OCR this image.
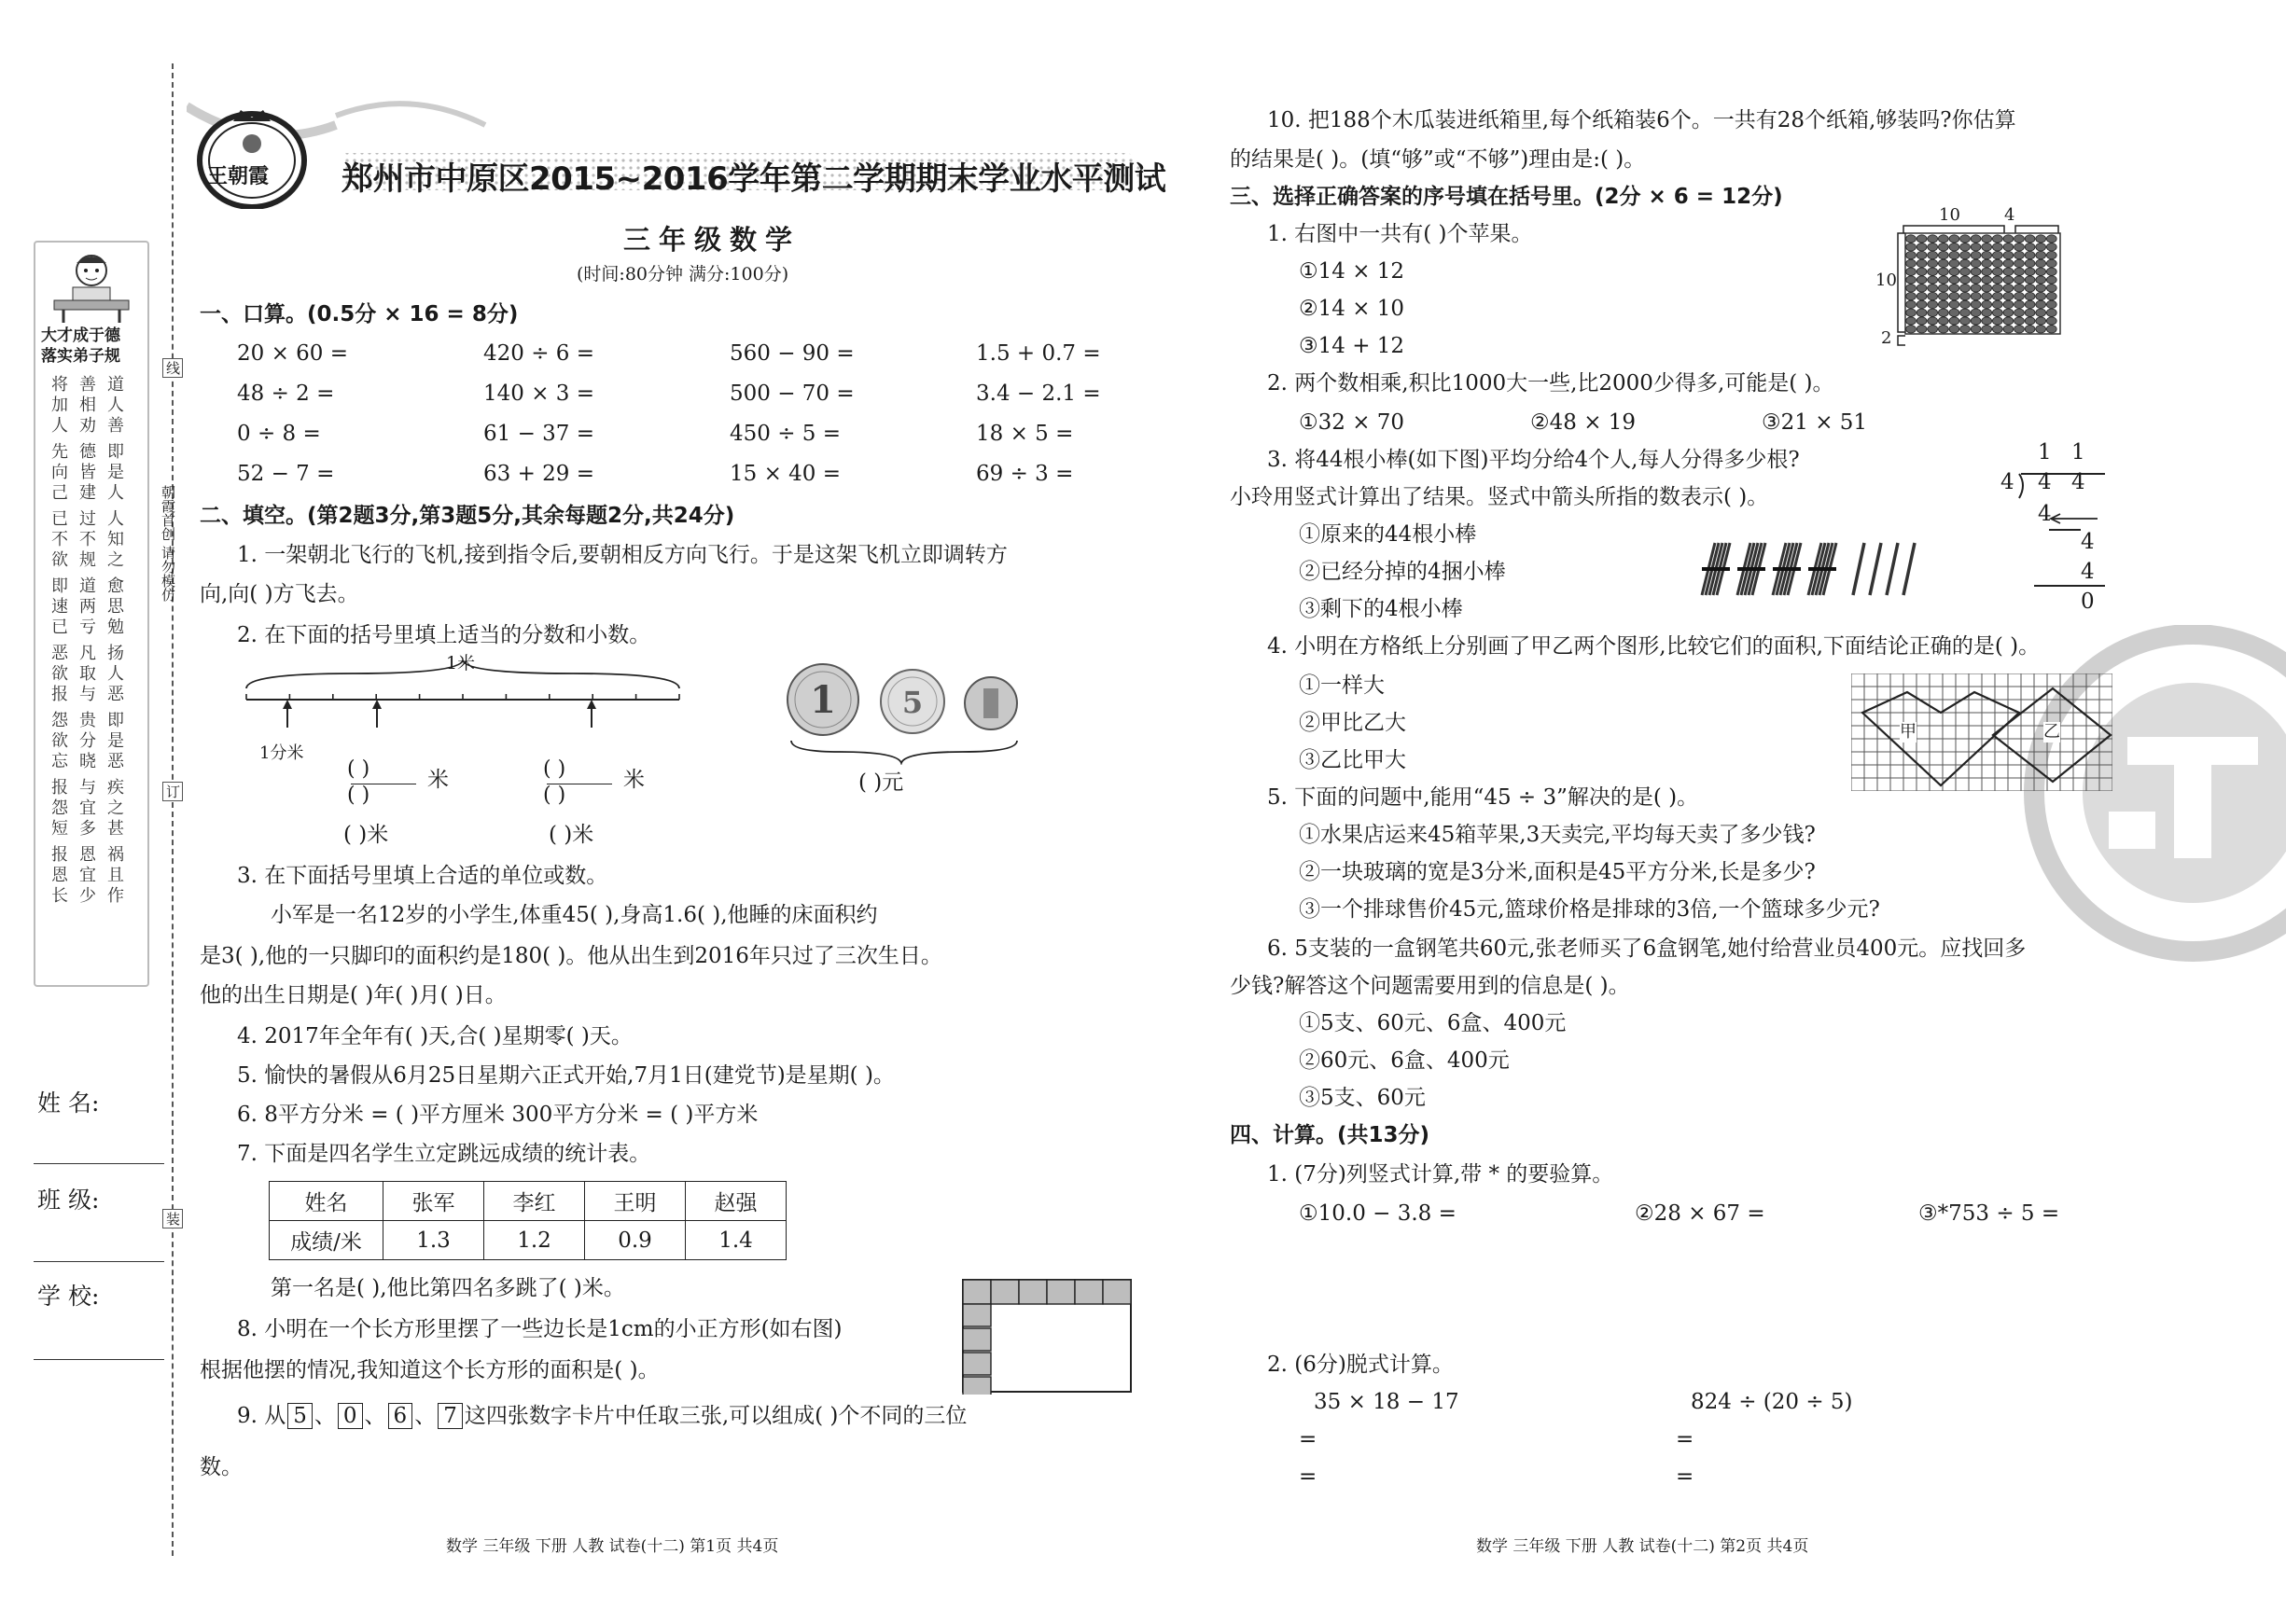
大才成于德
落实弟子规
将善道
加相人
人劝善
先德即
向皆是
己建人
已过人
不不知
欲规之
即道愈
速两思
已亏勉
恶凡扬
欲取人
报与恶
怨贵即
欲分是
忘晓恶
报与疾
怨宜之
短多甚
报恩祸
恩宜且
长少作
姓 名:
班 级:
学 校:
线
朝霞首创 请勿模仿
订
装
王朝霞 郑州市中原区2015~2016学年第二学期期末学业水平测试
三年级数学
(时间:80分钟 满分:100分)
一、口算。(0.5分 × 16 = 8分)
20 × 60 =	420 ÷ 6 =	560 − 90 =	1.5 + 0.7 =
48 ÷ 2 =	140 × 3 =	500 − 70 =	3.4 − 2.1 =
0 ÷ 8 =	61 − 37 =	450 ÷ 5 =	18 × 5 =
52 − 7 =	63 + 29 =	15 × 40 =	69 ÷ 3 =
二、填空。(第2题3分,第3题5分,其余每题2分,共24分)
1. 一架朝北飞行的飞机,接到指令后,要朝相反方向飞行。于是这架飞机立即调转方
向,向( )方飞去。
2. 在下面的括号里填上适当的分数和小数。
1米
1分米
( )
( )
米	( )
( )
米
( )米	( )米
1 5
( )元
3. 在下面括号里填上合适的单位或数。
小军是一名12岁的小学生,体重45( ),身高1.6( ),他睡的床面积约
是3( ),他的一只脚印的面积约是180( )。他从出生到2016年只过了三次生日。
他的出生日期是( )年( )月( )日。
4. 2017年全年有( )天,合( )星期零( )天。
5. 愉快的暑假从6月25日星期六正式开始,7月1日(建党节)是星期( )。
6. 8平方分米 = ( )平方厘米 300平方分米 = ( )平方米
7. 下面是四名学生立定跳远成绩的统计表。
姓名	张军	李红	王明	赵强
成绩/米	1.3	1.2	0.9	1.4
第一名是( ),他比第四名多跳了( )米。
8. 小明在一个长方形里摆了一些边长是1cm的小正方形(如右图)
根据他摆的情况,我知道这个长方形的面积是( )。
9. 从 5 、 0 、 6 、 7 这四张数字卡片中任取三张,可以组成( )个不同的三位
数。
数学 三年级 下册 人教 试卷(十二) 第1页 共4页
10. 把188个木瓜装进纸箱里,每个纸箱装6个。一共有28个纸箱,够装吗?你估算
的结果是( )。(填“够”或“不够”)理由是:( )。
三、选择正确答案的序号填在括号里。(2分 × 6 = 12分)
1. 右图中一共有( )个苹果。
①14 × 12
②14 × 10
③14 + 12
10	4
10
2
2. 两个数相乘,积比1000大一些,比2000少得多,可能是( )。
①32 × 70	②48 × 19	③21 × 51
3. 将44根小棒(如下图)平均分给4个人,每人分得多少根?
小玲用竖式计算出了结果。竖式中箭头所指的数表示( )。
①原来的44根小棒
②已经分掉的4捆小棒
③剩下的4根小棒
1 1
4 4 4
4
4
4
0
4. 小明在方格纸上分别画了甲乙两个图形,比较它们的面积,下面结论正确的是( )。
①一样大
②甲比乙大
③乙比甲大
甲	乙
5. 下面的问题中,能用“45 ÷ 3”解决的是( )。
①水果店运来45箱苹果,3天卖完,平均每天卖了多少钱?
②一块玻璃的宽是3分米,面积是45平方分米,长是多少?
③一个排球售价45元,篮球价格是排球的3倍,一个篮球多少元?
6. 5支装的一盒钢笔共60元,张老师买了6盒钢笔,她付给营业员400元。应找回多
少钱?解答这个问题需要用到的信息是( )。
①5支、60元、6盒、400元
②60元、6盒、400元
③5支、60元
四、计算。(共13分)
1. (7分)列竖式计算,带 * 的要验算。
①10.0 − 3.8 =	②28 × 67 =	③*753 ÷ 5 =
2. (6分)脱式计算。
35 × 18 − 17	824 ÷ (20 ÷ 5)
=
=
=
=
数学 三年级 下册 人教 试卷(十二) 第2页 共4页
